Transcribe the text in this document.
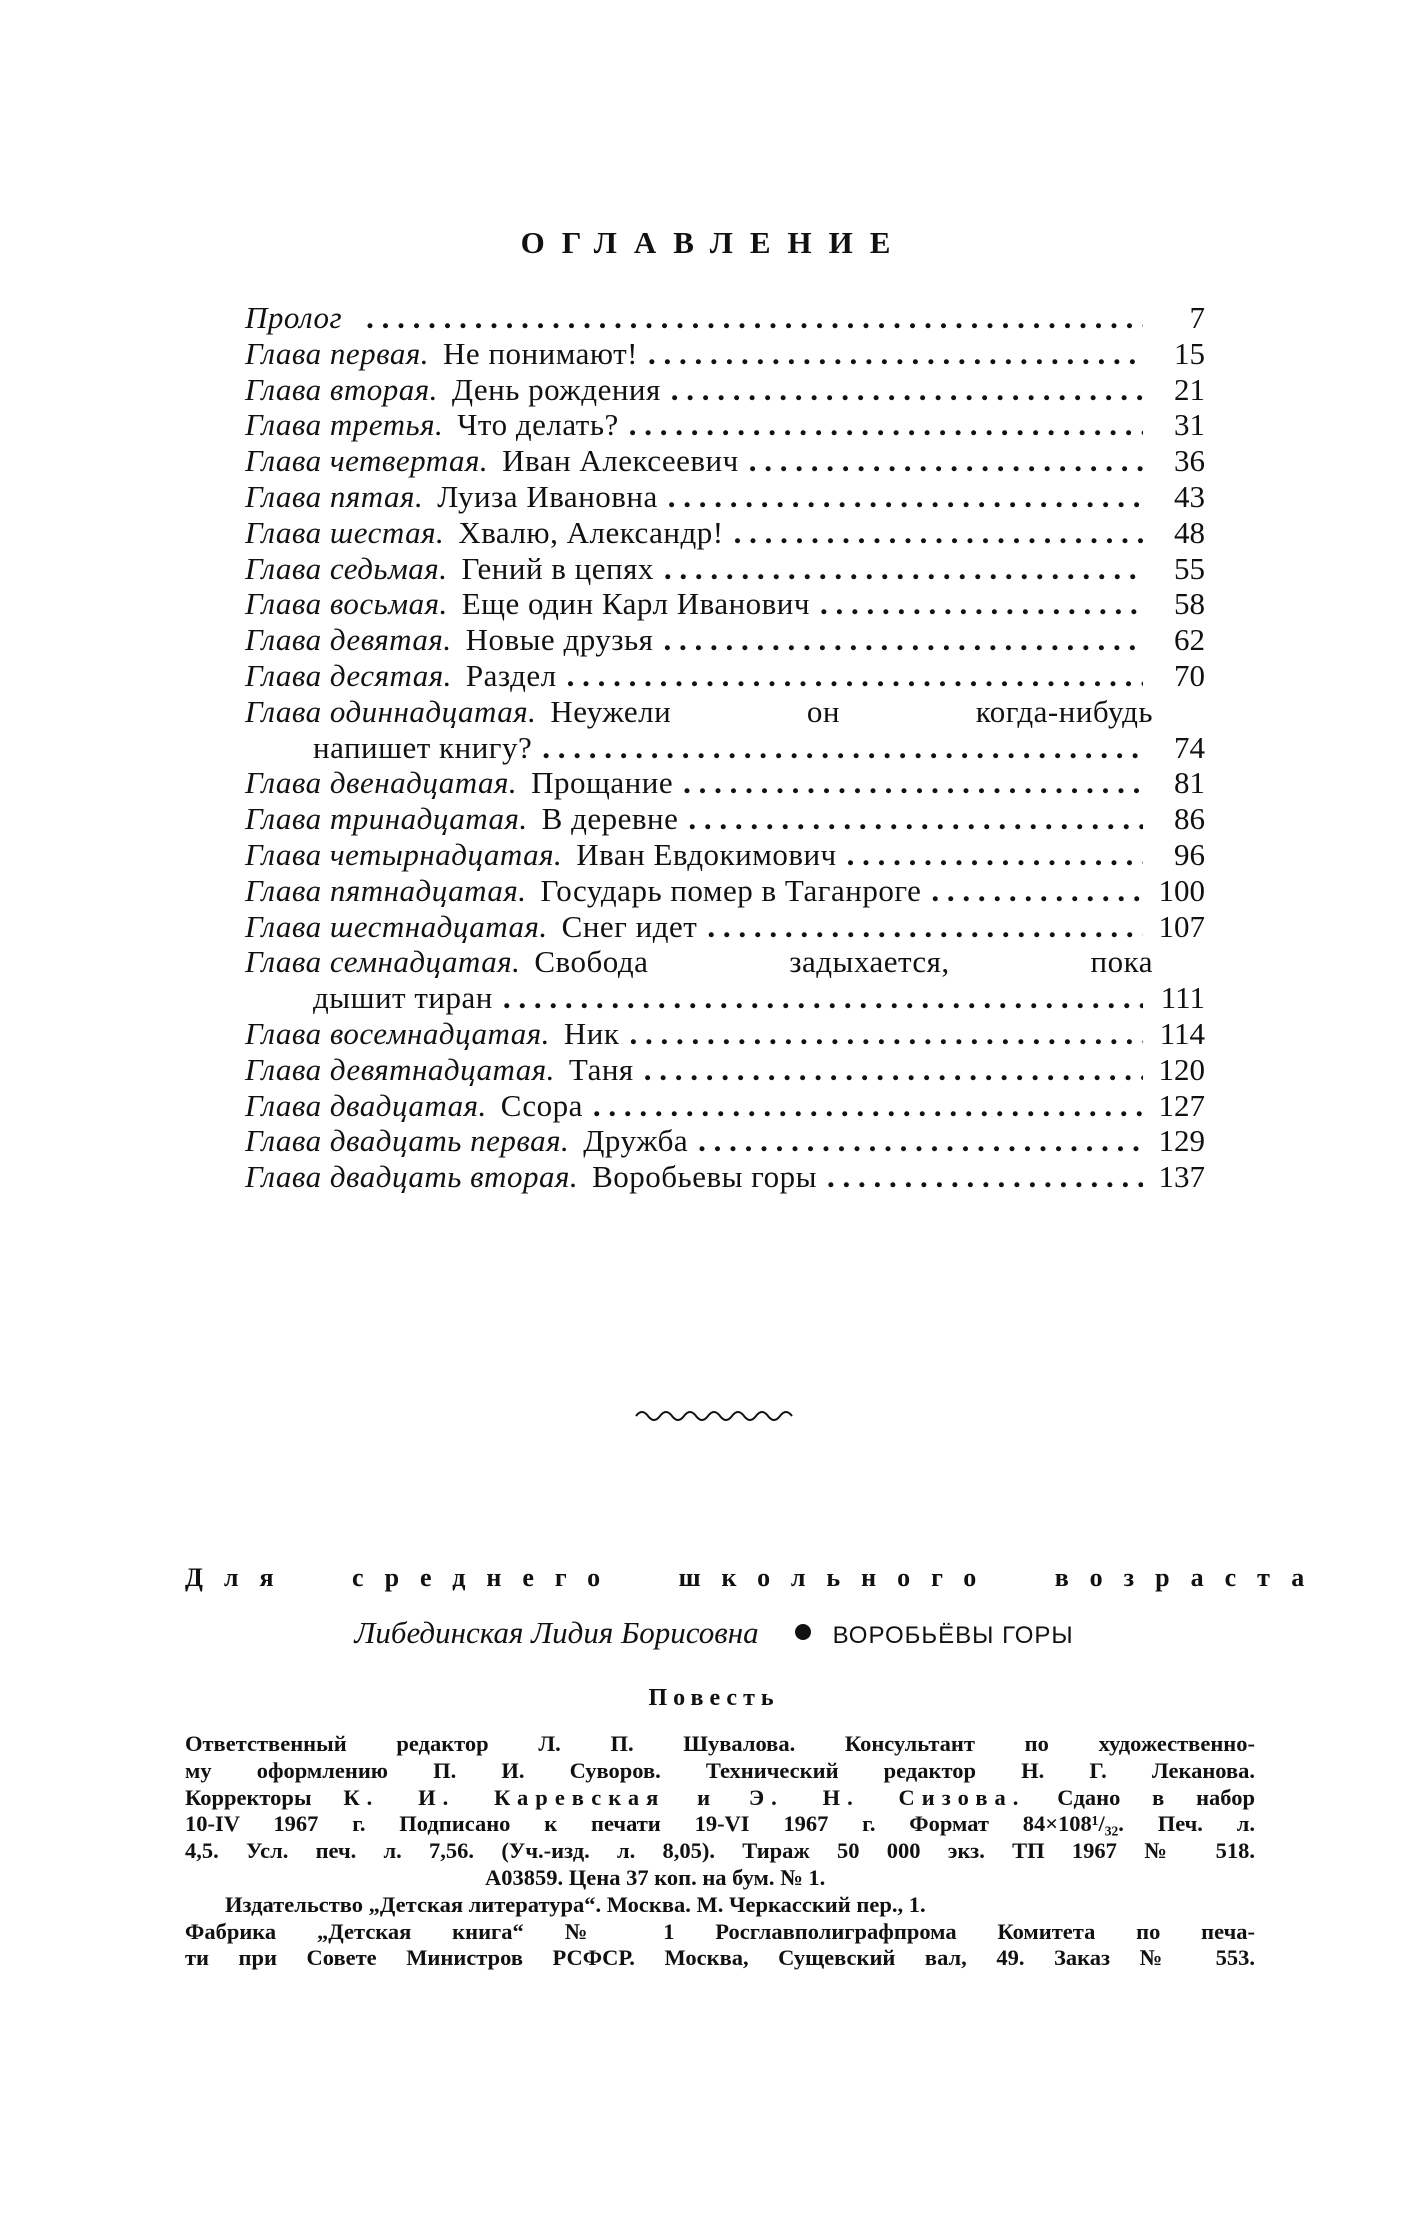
ОГЛАВЛЕНИЕ
Пролог . . .	7
Глава первая. Не понимают! . . .	15
Глава вторая. День рождения . . .	21
Глава третья. Что делать? . . .	31
Глава четвертая. Иван Алексеевич . . .	36
Глава пятая. Луиза Ивановна . . .	43
Глава шестая. Хвалю, Александр! . . .	48
Глава седьмая. Гений в цепях . . .	55
Глава восьмая. Еще один Карл Иванович . . .	58
Глава девятая. Новые друзья . . .	62
Глава десятая. Раздел . . .	70
Глава одиннадцатая. Неужели он когда-нибудь
напишет книгу? . . .	74
Глава двенадцатая. Прощание . . .	81
Глава тринадцатая. В деревне . . .	86
Глава четырнадцатая. Иван Евдокимович . . .	96
Глава пятнадцатая. Государь помер в Таганроге . . .	100
Глава шестнадцатая. Снег идет . . .	107
Глава семнадцатая. Свобода задыхается, пока
дышит тиран . . .	111
Глава восемнадцатая. Ник . . .	114
Глава девятнадцатая. Таня . . .	120
Глава двадцатая. Ссора . . .	127
Глава двадцать первая. Дружба . . .	129
Глава двадцать вторая. Воробьевы горы . . .	137
Для среднего школьного возраста
Либединская Лидия Борисовна	ВОРОБЬЁВЫ ГОРЫ
Повесть
Ответственный редактор Л. П. Шувалова. Консультант по художественно-
му оформлению П. И. Суворов. Технический редактор Н. Г. Леканова.
Корректоры К. И. Каревская и Э. Н. Сизова. Сдано в набор
10-IV 1967 г. Подписано к печати 19-VI 1967 г. Формат 84×108¹/₃₂. Печ. л.
4,5. Усл. печ. л. 7,56. (Уч.-изд. л. 8,05). Тираж 50 000 экз. ТП 1967 № 518.
А03859. Цена 37 коп. на бум. № 1.
Издательство „Детская литература“. Москва. М. Черкасский пер., 1.
Фабрика „Детская книга“ № 1 Росглавполиграфпрома Комитета по печа-
ти при Совете Министров РСФСР. Москва, Сущевский вал, 49. Заказ № 553.
